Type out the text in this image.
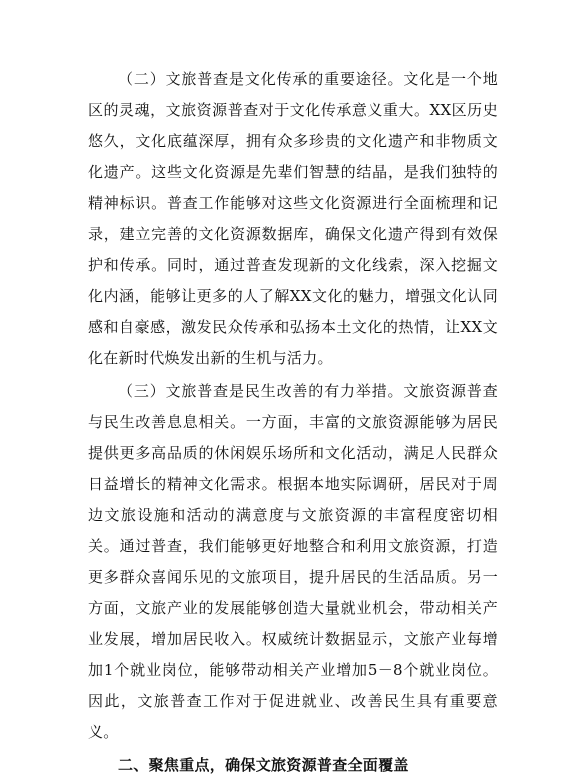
（二）文旅普查是文化传承的重要途径。文化是一个地区的灵魂，文旅资源普查对于文化传承意义重大。XX区历史悠久，文化底蕴深厚，拥有众多珍贵的文化遗产和非物质文化遗产。这些文化资源是先辈们智慧的结晶，是我们独特的精神标识。普查工作能够对这些文化资源进行全面梳理和记录，建立完善的文化资源数据库，确保文化遗产得到有效保护和传承。同时，通过普查发现新的文化线索，深入挖掘文化内涵，能够让更多的人了解XX文化的魅力，增强文化认同感和自豪感，激发民众传承和弘扬本土文化的热情，让XX文化在新时代焕发出新的生机与活力。

（三）文旅普查是民生改善的有力举措。文旅资源普查与民生改善息息相关。一方面，丰富的文旅资源能够为居民提供更多高品质的休闲娱乐场所和文化活动，满足人民群众日益增长的精神文化需求。根据本地实际调研，居民对于周边文旅设施和活动的满意度与文旅资源的丰富程度密切相关。通过普查，我们能够更好地整合和利用文旅资源，打造更多群众喜闻乐见的文旅项目，提升居民的生活品质。另一方面，文旅产业的发展能够创造大量就业机会，带动相关产业发展，增加居民收入。权威统计数据显示，文旅产业每增加1个就业岗位，能够带动相关产业增加5－8个就业岗位。因此，文旅普查工作对于促进就业、改善民生具有重要意义。

二、聚焦重点，确保文旅资源普查全面覆盖
